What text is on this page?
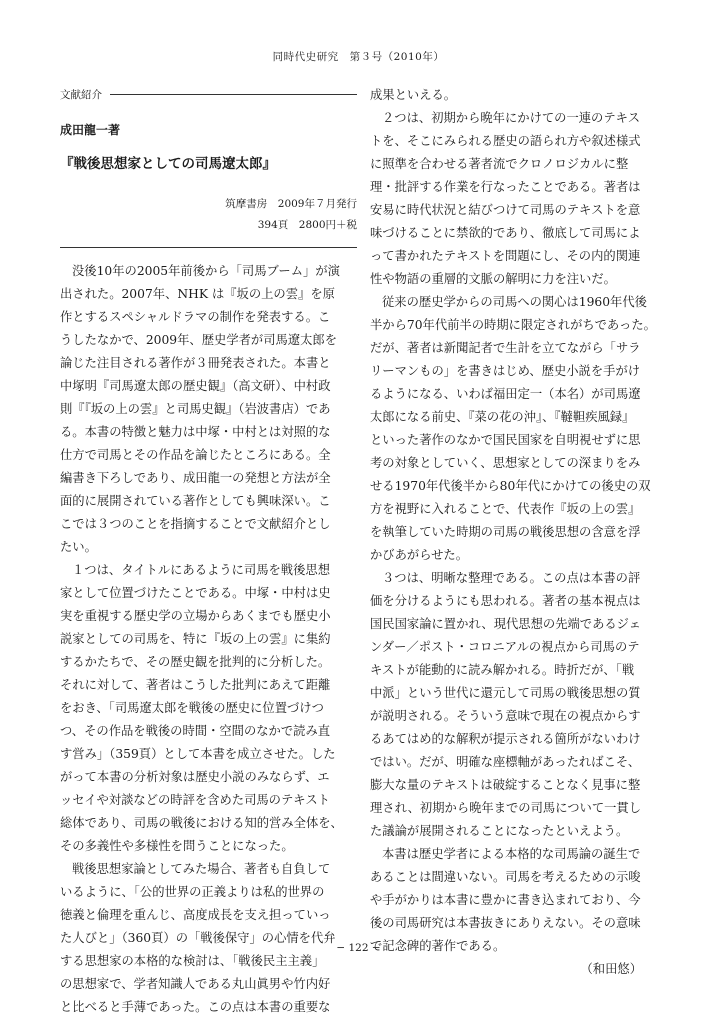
同時代史研究　第３号（2010年）
文献紹介
成田龍一著
『戦後思想家としての司馬遼太郎』
筑摩書房　2009年７月発行
394頁　2800円＋税
没後10年の2005年前後から「司馬ブーム」が演
出された。2007年、NHK は『坂の上の雲』を原
作とするスペシャルドラマの制作を発表する。こ
うしたなかで、2009年、歴史学者が司馬遼太郎を
論じた注目される著作が３冊発表された。本書と
中塚明『司馬遼太郎の歴史観』（高文研）、中村政
則『『坂の上の雲』と司馬史観』（岩波書店）であ
る。本書の特徴と魅力は中塚・中村とは対照的な
仕方で司馬とその作品を論じたところにある。全
編書き下ろしであり、成田龍一の発想と方法が全
面的に展開されている著作としても興味深い。こ
こでは３つのことを指摘することで文献紹介とし
たい。
１つは、タイトルにあるように司馬を戦後思想
家として位置づけたことである。中塚・中村は史
実を重視する歴史学の立場からあくまでも歴史小
説家としての司馬を、特に『坂の上の雲』に集約
するかたちで、その歴史観を批判的に分析した。
それに対して、著者はこうした批判にあえて距離
をおき、「司馬遼太郎を戦後の歴史に位置づけつ
つ、その作品を戦後の時間・空間のなかで読み直
す営み」（359頁）として本書を成立させた。した
がって本書の分析対象は歴史小説のみならず、エ
ッセイや対談などの時評を含めた司馬のテキスト
総体であり、司馬の戦後における知的営み全体を、
その多義性や多様性を問うことになった。
戦後思想家論としてみた場合、著者も自負して
いるように、「公的世界の正義よりは私的世界の
徳義と倫理を重んじ、高度成長を支え担っていっ
た人びと」（360頁）の「戦後保守」の心情を代弁
する思想家の本格的な検討は、「戦後民主主義」
の思想家で、学者知識人である丸山眞男や竹内好
と比べると手薄であった。この点は本書の重要な
成果といえる。
２つは、初期から晩年にかけての一連のテキス
トを、そこにみられる歴史の語られ方や叙述様式
に照準を合わせる著者流でクロノロジカルに整
理・批評する作業を行なったことである。著者は
安易に時代状況と結びつけて司馬のテキストを意
味づけることに禁欲的であり、徹底して司馬によ
って書かれたテキストを問題にし、その内的関連
性や物語の重層的文脈の解明に力を注いだ。
従来の歴史学からの司馬への関心は1960年代後
半から70年代前半の時期に限定されがちであった。
だが、著者は新聞記者で生計を立てながら「サラ
リーマンもの」を書きはじめ、歴史小説を手がけ
るようになる、いわば福田定一（本名）が司馬遼
太郎になる前史、『菜の花の沖』、『韃靼疾風録』
といった著作のなかで国民国家を自明視せずに思
考の対象としていく、思想家としての深まりをみ
せる1970年代後半から80年代にかけての後史の双
方を視野に入れることで、代表作『坂の上の雲』
を執筆していた時期の司馬の戦後思想の含意を浮
かびあがらせた。
３つは、明晰な整理である。この点は本書の評
価を分けるようにも思われる。著者の基本視点は
国民国家論に置かれ、現代思想の先端であるジェ
ンダー／ポスト・コロニアルの視点から司馬のテ
キストが能動的に読み解かれる。時折だが、「戦
中派」という世代に還元して司馬の戦後思想の質
が説明される。そういう意味で現在の視点からす
るあてはめ的な解釈が提示される箇所がないわけ
ではい。だが、明確な座標軸があったればこそ、
膨大な量のテキストは破綻することなく見事に整
理され、初期から晩年までの司馬について一貫し
た議論が展開されることになったといえよう。
本書は歴史学者による本格的な司馬論の誕生で
あることは間違いない。司馬を考えるための示唆
や手がかりは本書に豊かに書き込まれており、今
後の司馬研究は本書抜きにありえない。その意味
で記念碑的著作である。
（和田悠）
− 122 −
